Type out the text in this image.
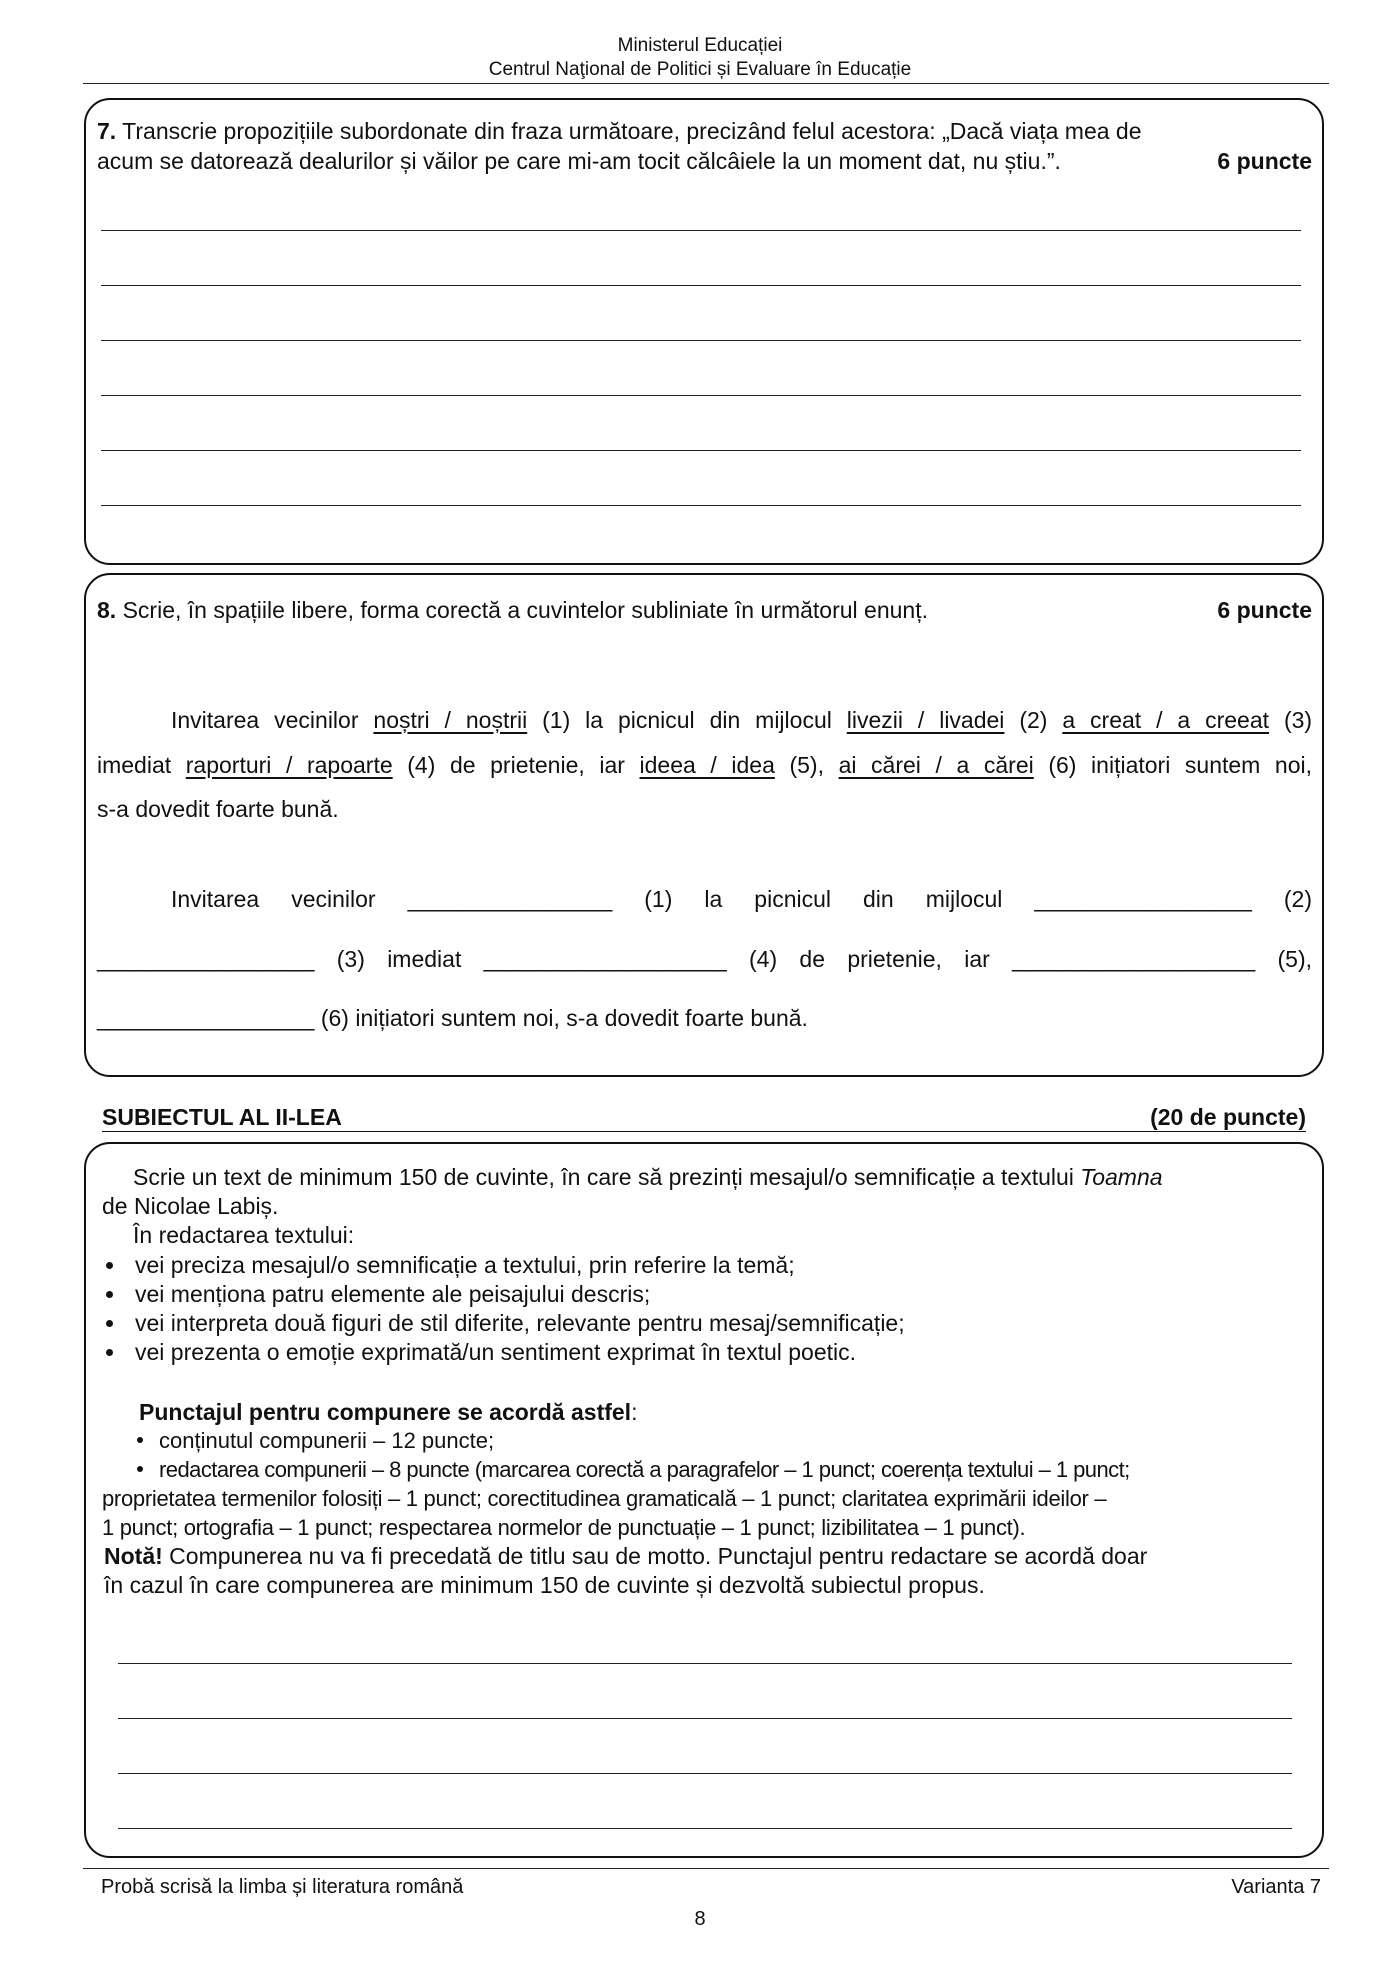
Ministerul Educației
Centrul Naţional de Politici și Evaluare în Educație
7. Transcrie propozițiile subordonate din fraza următoare, precizând felul acestora: „Dacă viața mea de
acum se datorează dealurilor și văilor pe care mi-am tocit călcâiele la un moment dat, nu știu.”.	6 puncte
8. Scrie, în spațiile libere, forma corectă a cuvintelor subliniate în următorul enunț.	6 puncte
Invitarea vecinilor noștri / noștrii (1) la picnicul din mijlocul livezii / livadei (2) a creat / a creeat (3)
imediat raporturi / rapoarte (4) de prietenie, iar ideea / idea (5), ai cărei / a cărei (6) inițiatori suntem noi,
s-a dovedit foarte bună.
Invitarea vecinilor ________________ (1) la picnicul din mijlocul _________________ (2)
_________________ (3) imediat ___________________ (4) de prietenie, iar ___________________ (5),
_________________ (6) inițiatori suntem noi, s-a dovedit foarte bună.
SUBIECTUL AL II-LEA	(20 de puncte)
Scrie un text de minimum 150 de cuvinte, în care să prezinți mesajul/o semnificație a textului Toamna
de Nicolae Labiș.
În redactarea textului:
vei preciza mesajul/o semnificație a textului, prin referire la temă;
vei menționa patru elemente ale peisajului descris;
vei interpreta două figuri de stil diferite, relevante pentru mesaj/semnificație;
vei prezenta o emoție exprimată/un sentiment exprimat în textul poetic.
Punctajul pentru compunere se acordă astfel:
conținutul compunerii – 12 puncte;
redactarea compunerii – 8 puncte (marcarea corectă a paragrafelor – 1 punct; coerența textului – 1 punct;
proprietatea termenilor folosiți – 1 punct; corectitudinea gramaticală – 1 punct; claritatea exprimării ideilor –
1 punct; ortografia – 1 punct; respectarea normelor de punctuație – 1 punct; lizibilitatea – 1 punct).
Notă! Compunerea nu va fi precedată de titlu sau de motto. Punctajul pentru redactare se acordă doar
în cazul în care compunerea are minimum 150 de cuvinte și dezvoltă subiectul propus.
Probă scrisă la limba și literatura română	Varianta 7
8
